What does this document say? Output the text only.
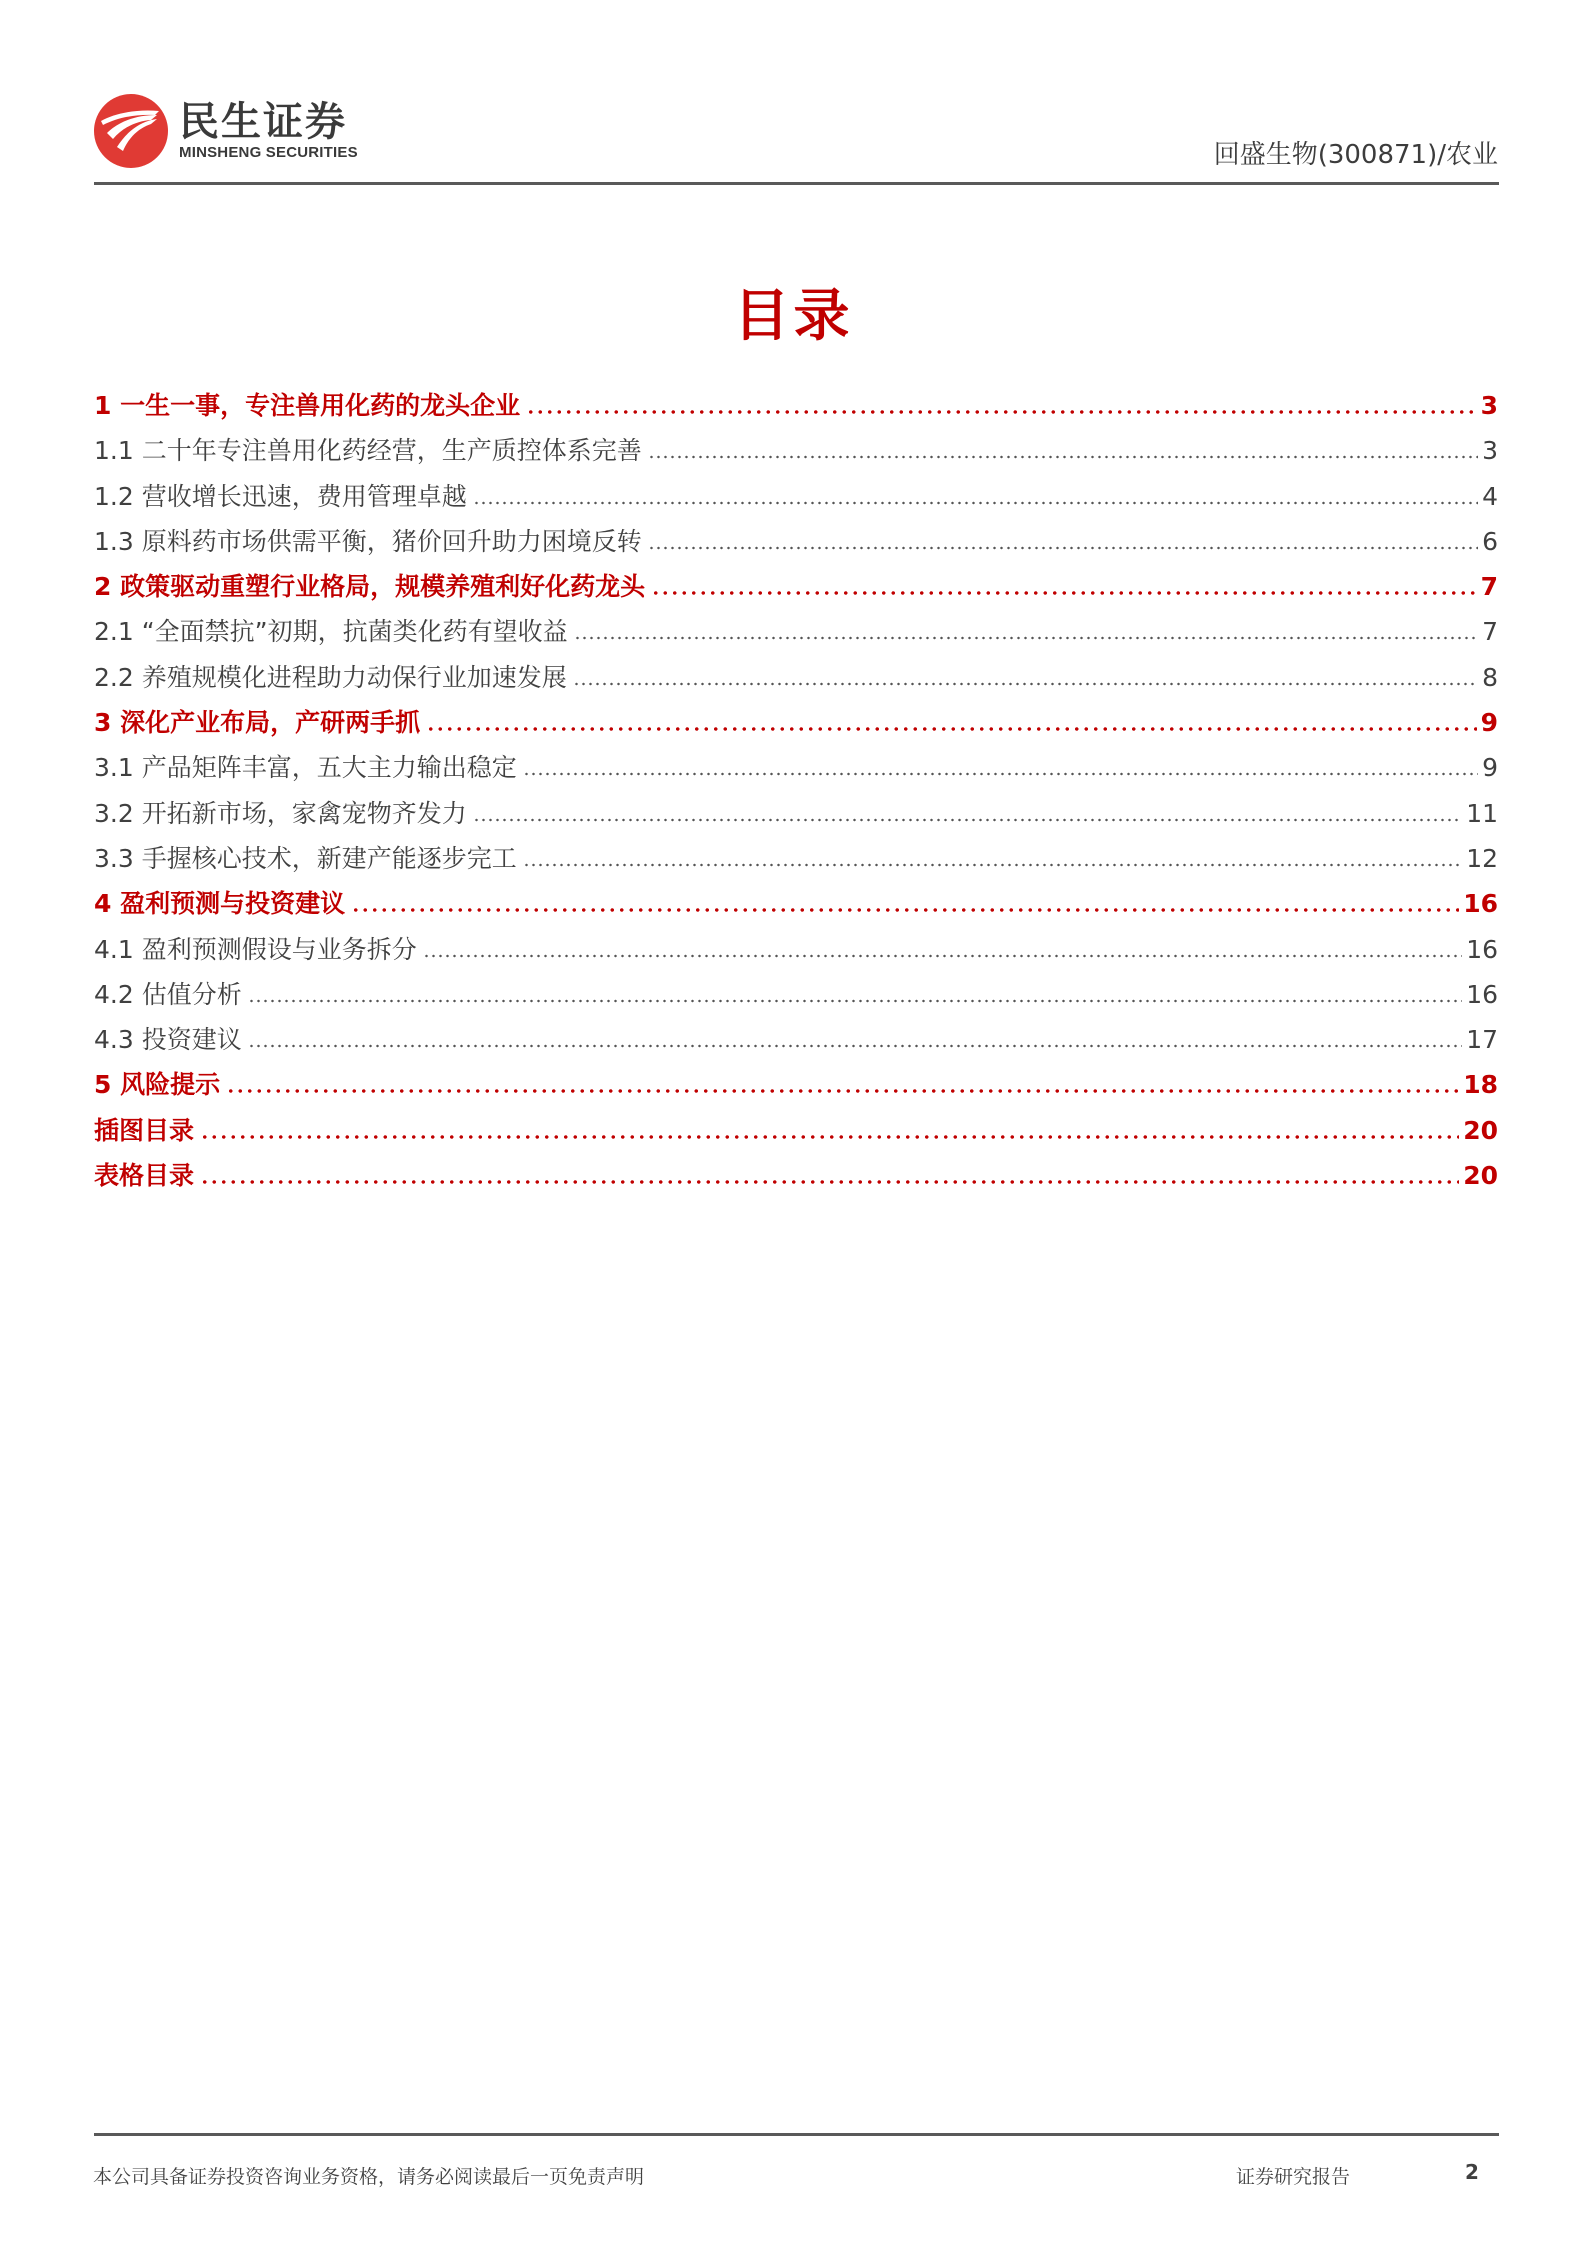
民生证券
MINSHENG SECURITIES	回盛生物(300871)/农业
目录
1 一生一事，专注兽用化药的龙头企业	3
1.1 二十年专注兽用化药经营，生产质控体系完善	3
1.2 营收增长迅速，费用管理卓越	4
1.3 原料药市场供需平衡，猪价回升助力困境反转	6
2 政策驱动重塑行业格局，规模养殖利好化药龙头	7
2.1 “全面禁抗”初期，抗菌类化药有望收益	7
2.2 养殖规模化进程助力动保行业加速发展	8
3 深化产业布局，产研两手抓	9
3.1 产品矩阵丰富，五大主力输出稳定	9
3.2 开拓新市场，家禽宠物齐发力	11
3.3 手握核心技术，新建产能逐步完工	12
4 盈利预测与投资建议	16
4.1 盈利预测假设与业务拆分	16
4.2 估值分析	16
4.3 投资建议	17
5 风险提示	18
插图目录	20
表格目录	20
本公司具备证券投资咨询业务资格，请务必阅读最后一页免责声明	证券研究报告	2
